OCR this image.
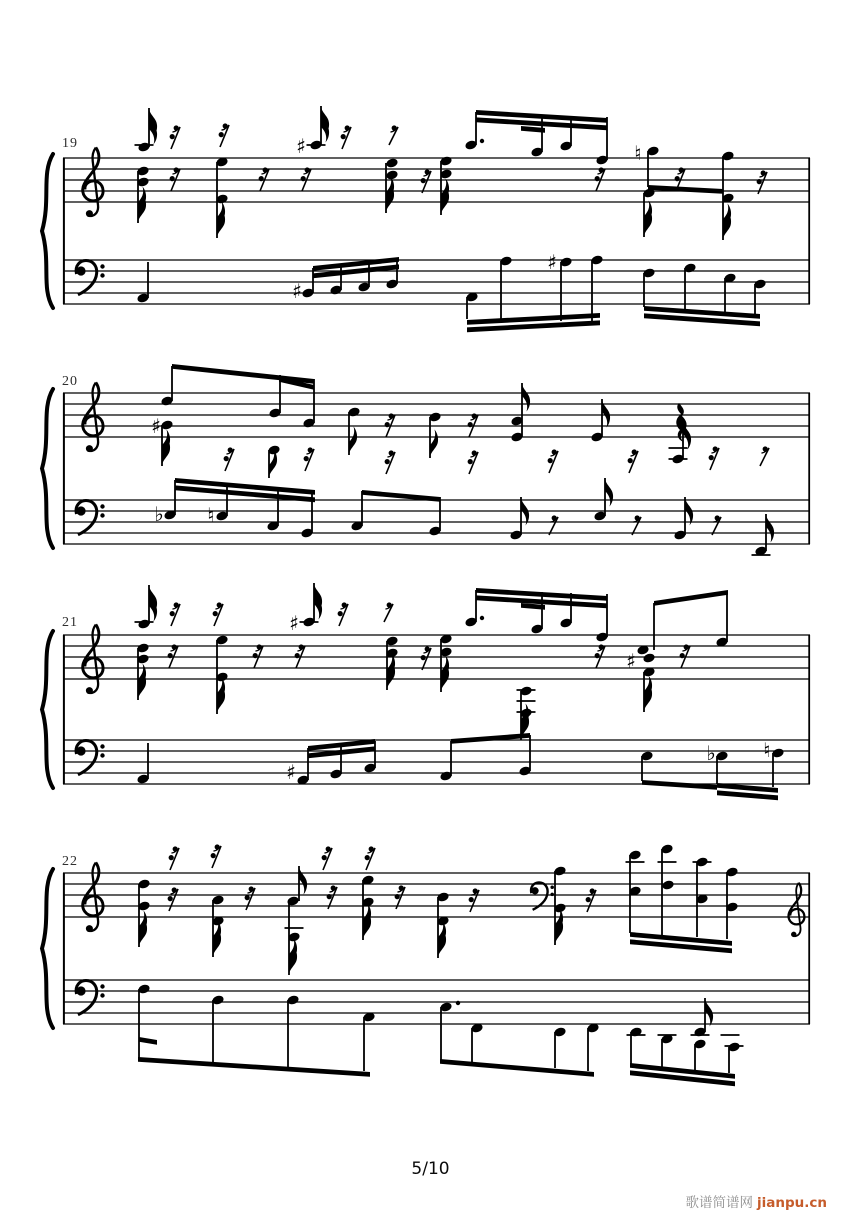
♯	♮
♯
♯
♯
♭ ♮
♯
♯
♯
♭ ♮
19
20
21
22
5/10
歌谱简谱网 jianpu.cn
